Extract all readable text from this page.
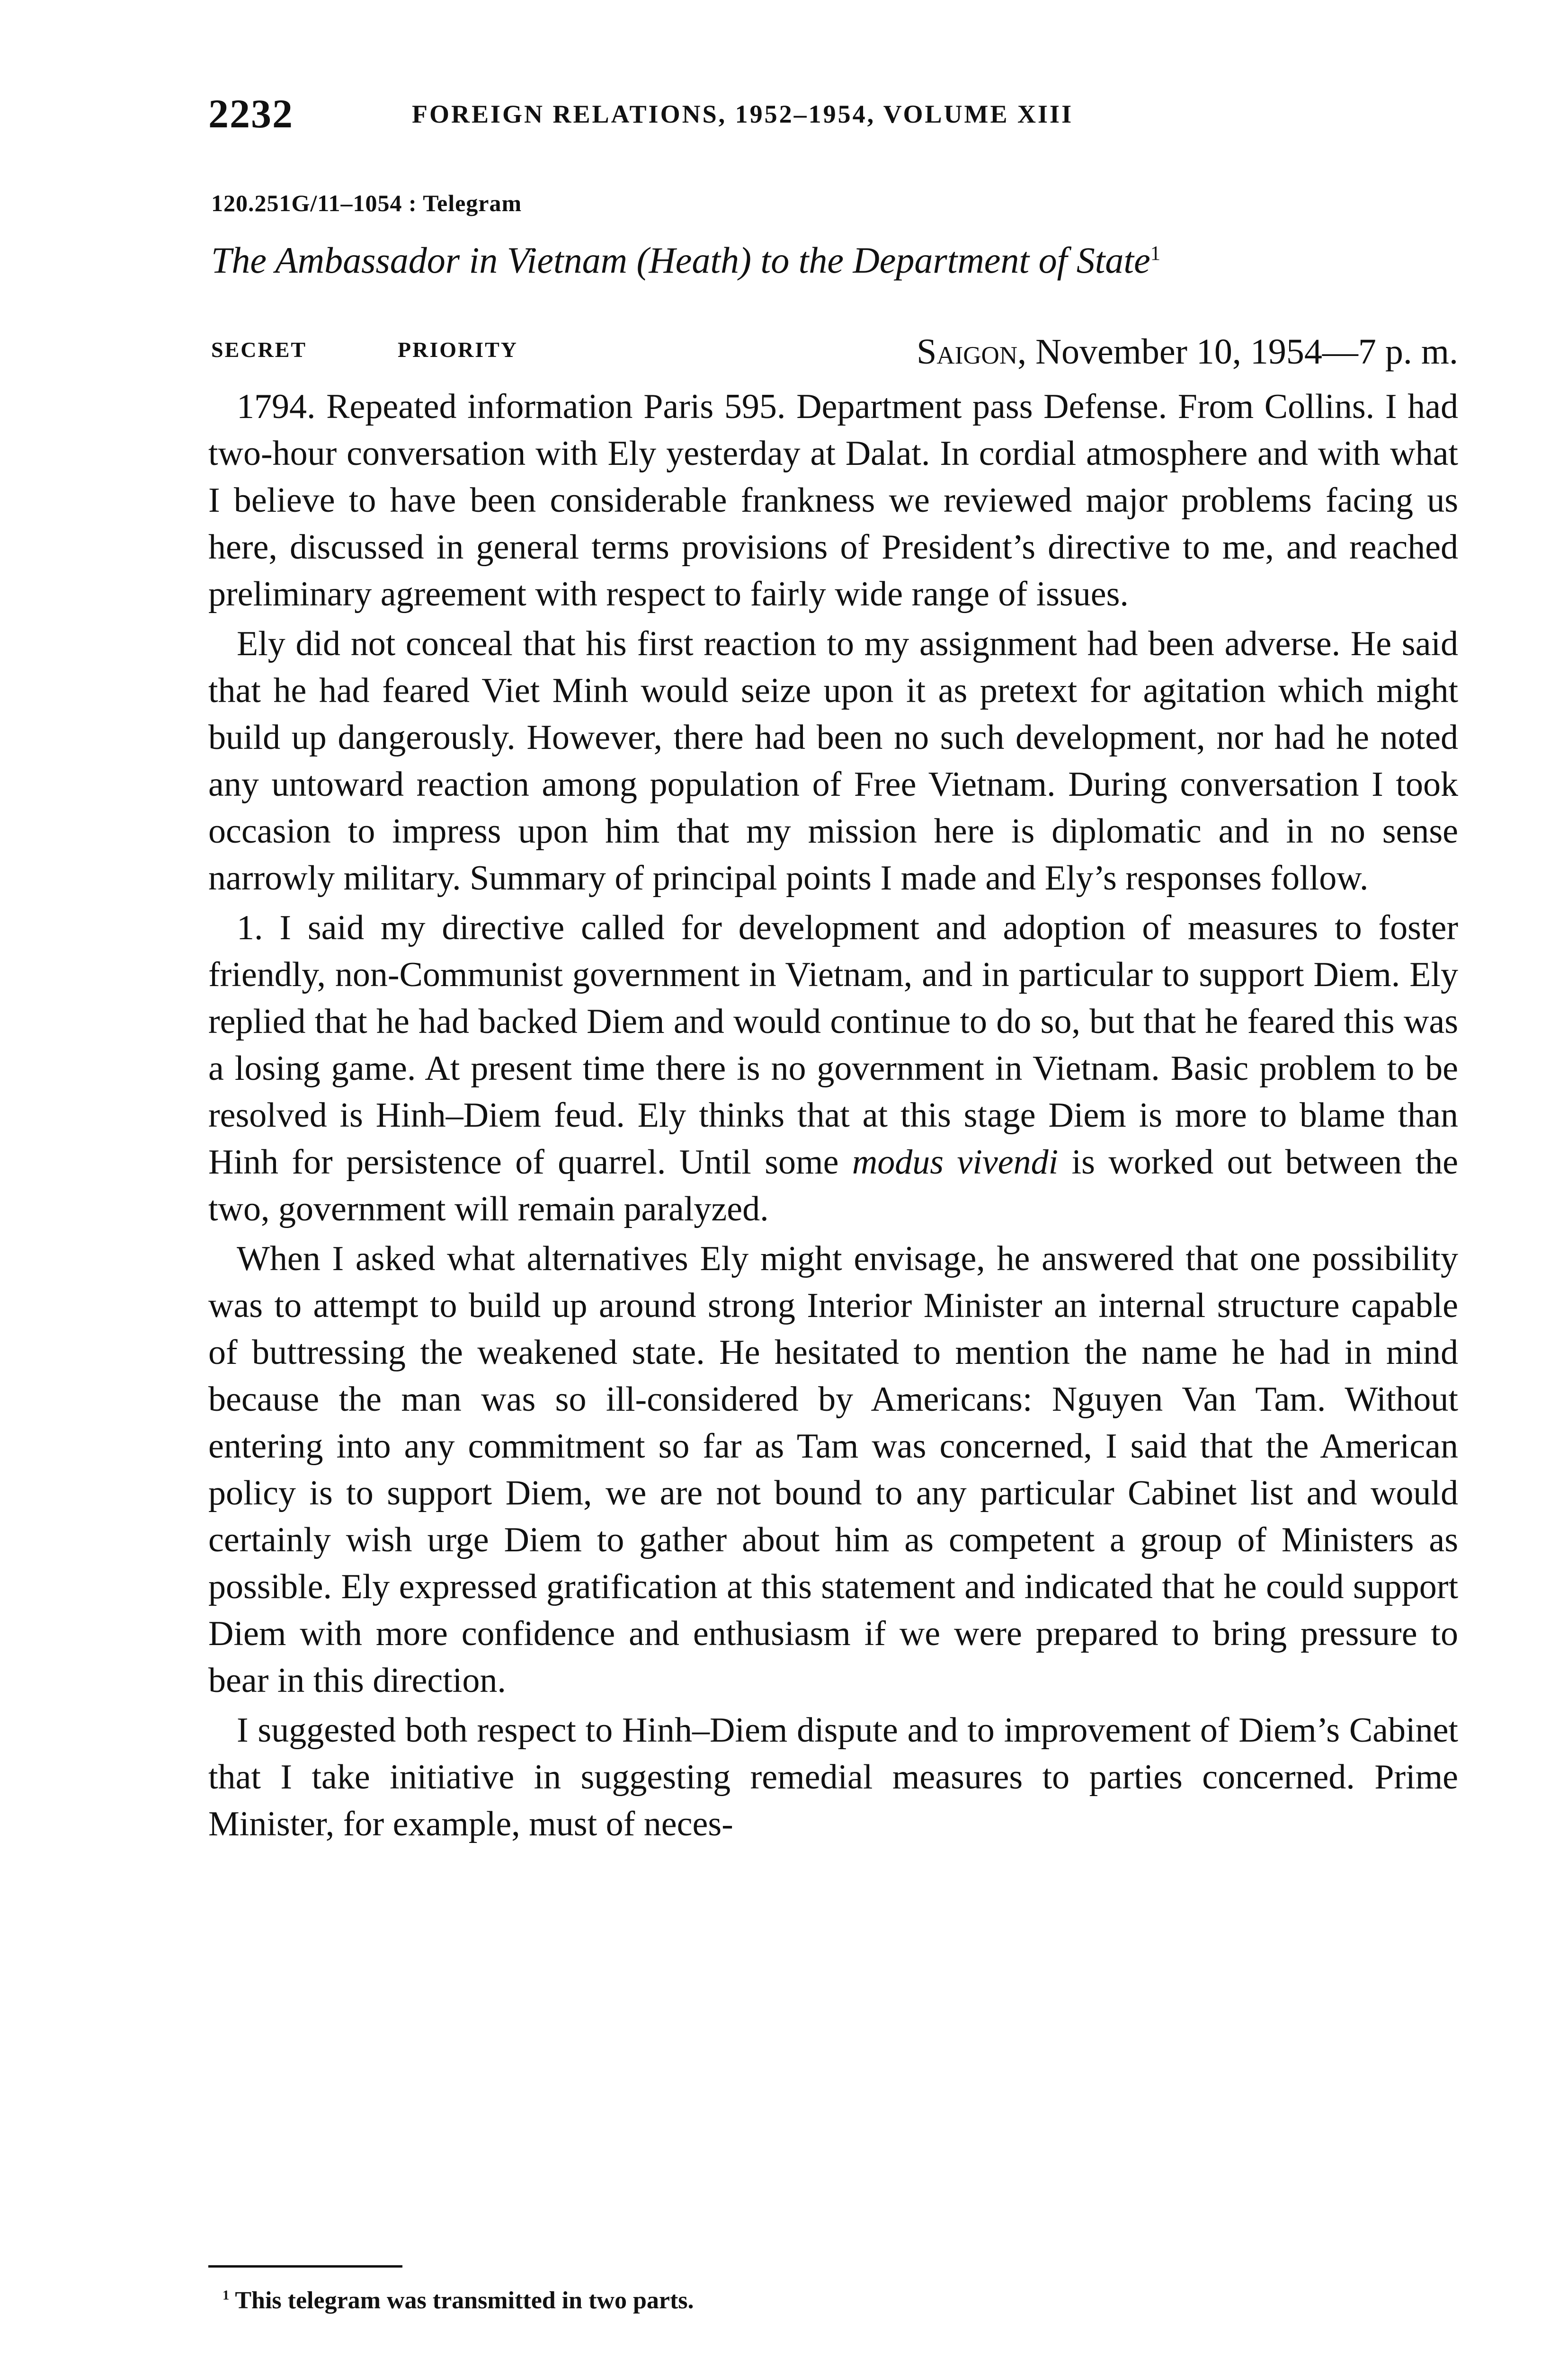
2232	FOREIGN RELATIONS, 1952–1954, VOLUME XIII
120.251G/11–1054 : Telegram
The Ambassador in Vietnam (Heath) to the Department of State$^1$
SECRET	PRIORITY	Saigon, November 10, 1954—7 p. m.

1794. Repeated information Paris 595. Department pass Defense. From Collins. I had two-hour conversation with Ely yesterday at Dalat. In cordial atmosphere and with what I believe to have been considerable frankness we reviewed major problems facing us here, discussed in general terms provisions of President’s directive to me, and reached preliminary agreement with respect to fairly wide range of issues.

Ely did not conceal that his first reaction to my assignment had been adverse. He said that he had feared Viet Minh would seize upon it as pretext for agitation which might build up dangerously. However, there had been no such development, nor had he noted any untoward reaction among population of Free Vietnam. During conversation I took occasion to impress upon him that my mission here is diplomatic and in no sense narrowly military. Summary of principal points I made and Ely’s responses follow.

1. I said my directive called for development and adoption of measures to foster friendly, non-Communist government in Vietnam, and in particular to support Diem. Ely replied that he had backed Diem and would continue to do so, but that he feared this was a losing game. At present time there is no government in Vietnam. Basic problem to be resolved is Hinh–Diem feud. Ely thinks that at this stage Diem is more to blame than Hinh for persistence of quarrel. Until some modus vivendi is worked out between the two, government will remain paralyzed.

When I asked what alternatives Ely might envisage, he answered that one possibility was to attempt to build up around strong Interior Minister an internal structure capable of buttressing the weakened state. He hesitated to mention the name he had in mind because the man was so ill-considered by Americans: Nguyen Van Tam. Without entering into any commitment so far as Tam was concerned, I said that the American policy is to support Diem, we are not bound to any particular Cabinet list and would certainly wish urge Diem to gather about him as competent a group of Ministers as possible. Ely expressed gratification at this statement and indicated that he could support Diem with more confidence and enthusiasm if we were prepared to bring pressure to bear in this direction.

I suggested both respect to Hinh–Diem dispute and to improvement of Diem’s Cabinet that I take initiative in suggesting remedial measures to parties concerned. Prime Minister, for example, must of neces-

$^1$ This telegram was transmitted in two parts.
